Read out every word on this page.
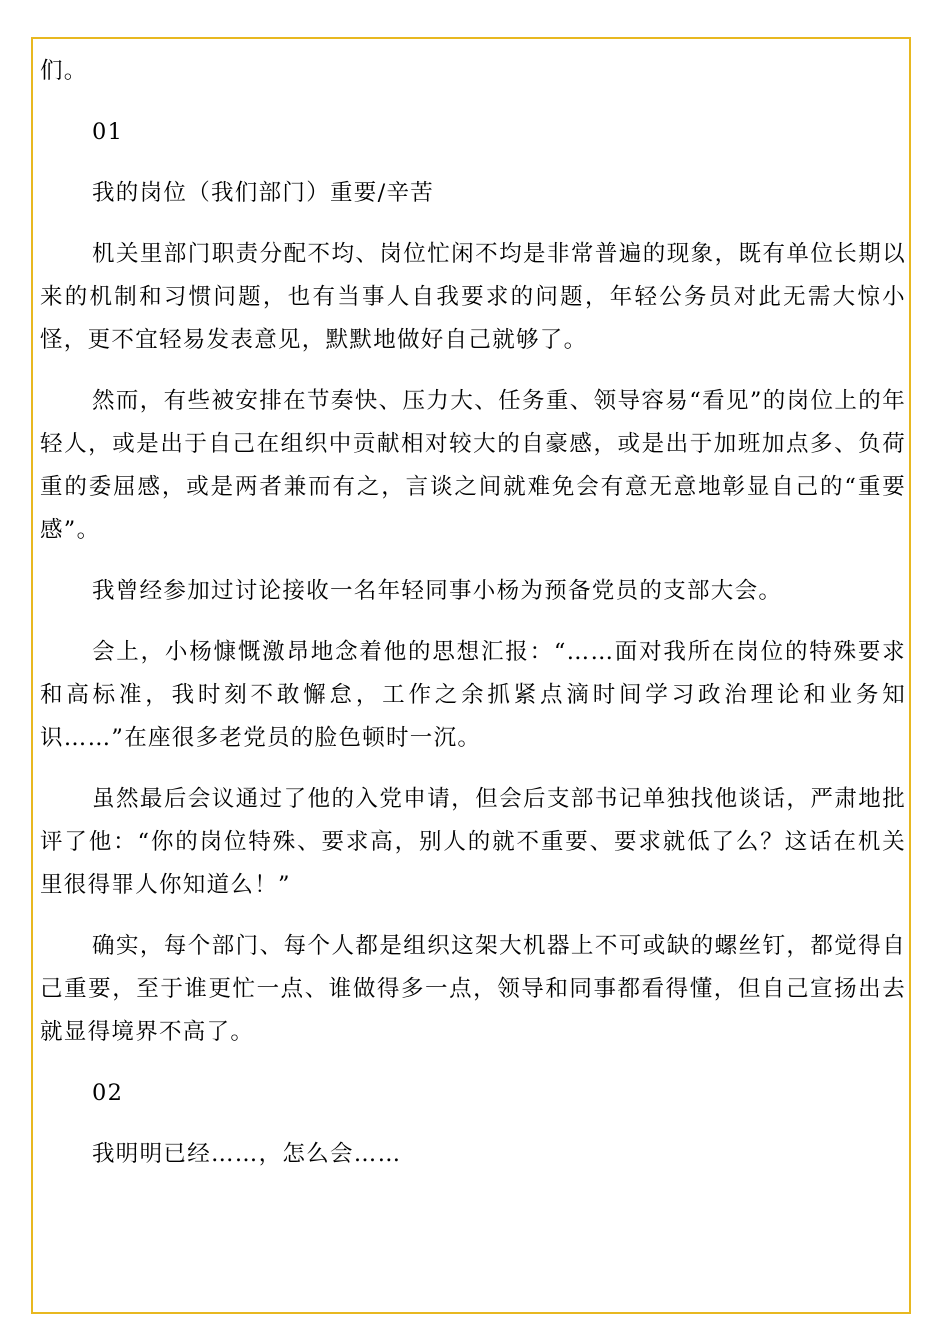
们。

01

我的岗位（我们部门）重要/辛苦

机关里部门职责分配不均、岗位忙闲不均是非常普遍的现象，既有单位长期以来的机制和习惯问题，也有当事人自我要求的问题，年轻公务员对此无需大惊小怪，更不宜轻易发表意见，默默地做好自己就够了。

然而，有些被安排在节奏快、压力大、任务重、领导容易“看见”的岗位上的年轻人，或是出于自己在组织中贡献相对较大的自豪感，或是出于加班加点多、负荷重的委屈感，或是两者兼而有之，言谈之间就难免会有意无意地彰显自己的“重要感”。

我曾经参加过讨论接收一名年轻同事小杨为预备党员的支部大会。

会上，小杨慷慨激昂地念着他的思想汇报：“……面对我所在岗位的特殊要求和高标准，我时刻不敢懈怠，工作之余抓紧点滴时间学习政治理论和业务知识……”在座很多老党员的脸色顿时一沉。

虽然最后会议通过了他的入党申请，但会后支部书记单独找他谈话，严肃地批评了他：“你的岗位特殊、要求高，别人的就不重要、要求就低了么？这话在机关里很得罪人你知道么！”

确实，每个部门、每个人都是组织这架大机器上不可或缺的螺丝钉，都觉得自己重要，至于谁更忙一点、谁做得多一点，领导和同事都看得懂，但自己宣扬出去就显得境界不高了。

02

我明明已经……，怎么会……
